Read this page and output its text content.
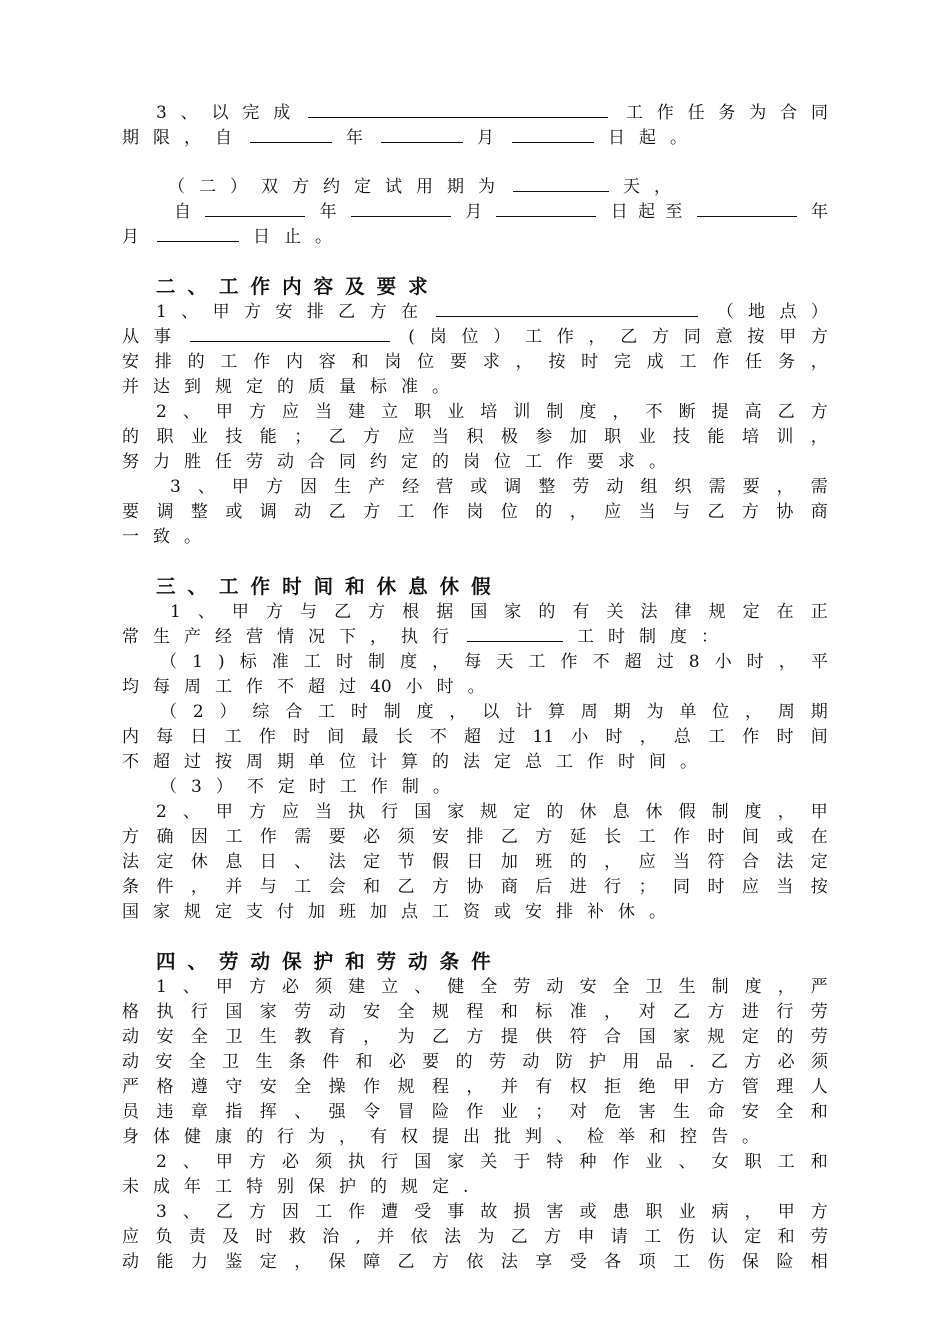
3 、 以 完 成	工 作 任 务 为 合 同
期 限 ， 自	年	月	日 起 。
（ 二 ） 双 方 约 定 试 用 期 为	天 ，
自	年	月	日 起 至	年
月	日 止 。
二 、 工 作 内 容 及 要 求
1 、 甲 方 安 排 乙 方 在	（ 地 点 ）
从 事	( 岗 位 ） 工 作 ， 乙 方 同 意 按 甲 方
安 排 的 工 作 内 容 和 岗 位 要 求 ， 按 时 完 成 工 作 任 务 ，
并 达 到 规 定 的 质 量 标 准 。
2 、 甲 方 应 当 建 立 职 业 培 训 制 度 ， 不 断 提 高 乙 方
的 职 业 技 能 ； 乙 方 应 当 积 极 参 加 职 业 技 能 培 训 ，
努 力 胜 任 劳 动 合 同 约 定 的 岗 位 工 作 要 求 。
3 、 甲 方 因 生 产 经 营 或 调 整 劳 动 组 织 需 要 ， 需
要 调 整 或 调 动 乙 方 工 作 岗 位 的 ， 应 当 与 乙 方 协 商
一 致 。
三 、 工 作 时 间 和 休 息 休 假
1 、 甲 方 与 乙 方 根 据 国 家 的 有 关 法 律 规 定 在 正
常 生 产 经 营 情 况 下 ， 执 行	工 时 制 度 ：
（ 1 ) 标 准 工 时 制 度 ， 每 天 工 作 不 超 过 8 小 时 ， 平
均 每 周 工 作 不 超 过 40 小 时 。
（ 2 ） 综 合 工 时 制 度 ， 以 计 算 周 期 为 单 位 ， 周 期
内 每 日 工 作 时 间 最 长 不 超 过 11 小 时 ， 总 工 作 时 间
不 超 过 按 周 期 单 位 计 算 的 法 定 总 工 作 时 间 。
（ 3 ） 不 定 时 工 作 制 。
2 、 甲 方 应 当 执 行 国 家 规 定 的 休 息 休 假 制 度 ， 甲
方 确 因 工 作 需 要 必 须 安 排 乙 方 延 长 工 作 时 间 或 在
法 定 休 息 日 、 法 定 节 假 日 加 班 的 ， 应 当 符 合 法 定
条 件 ， 并 与 工 会 和 乙 方 协 商 后 进 行 ； 同 时 应 当 按
国 家 规 定 支 付 加 班 加 点 工 资 或 安 排 补 休 。
四 、 劳 动 保 护 和 劳 动 条 件
1 、 甲 方 必 须 建 立 、 健 全 劳 动 安 全 卫 生 制 度 ， 严
格 执 行 国 家 劳 动 安 全 规 程 和 标 准 ， 对 乙 方 进 行 劳
动 安 全 卫 生 教 育 ， 为 乙 方 提 供 符 合 国 家 规 定 的 劳
动 安 全 卫 生 条 件 和 必 要 的 劳 动 防 护 用 品 . 乙 方 必 须
严 格 遵 守 安 全 操 作 规 程 ， 并 有 权 拒 绝 甲 方 管 理 人
员 违 章 指 挥 、 强 令 冒 险 作 业 ； 对 危 害 生 命 安 全 和
身 体 健 康 的 行 为 ， 有 权 提 出 批 判 、 检 举 和 控 告 。
2 、 甲 方 必 须 执 行 国 家 关 于 特 种 作 业 、 女 职 工 和
未 成 年 工 特 别 保 护 的 规 定 .
3 、 乙 方 因 工 作 遭 受 事 故 损 害 或 患 职 业 病 ， 甲 方
应 负 责 及 时 救 治 , 并 依 法 为 乙 方 申 请 工 伤 认 定 和 劳
动 能 力 鉴 定 ， 保 障 乙 方 依 法 享 受 各 项 工 伤 保 险 相
